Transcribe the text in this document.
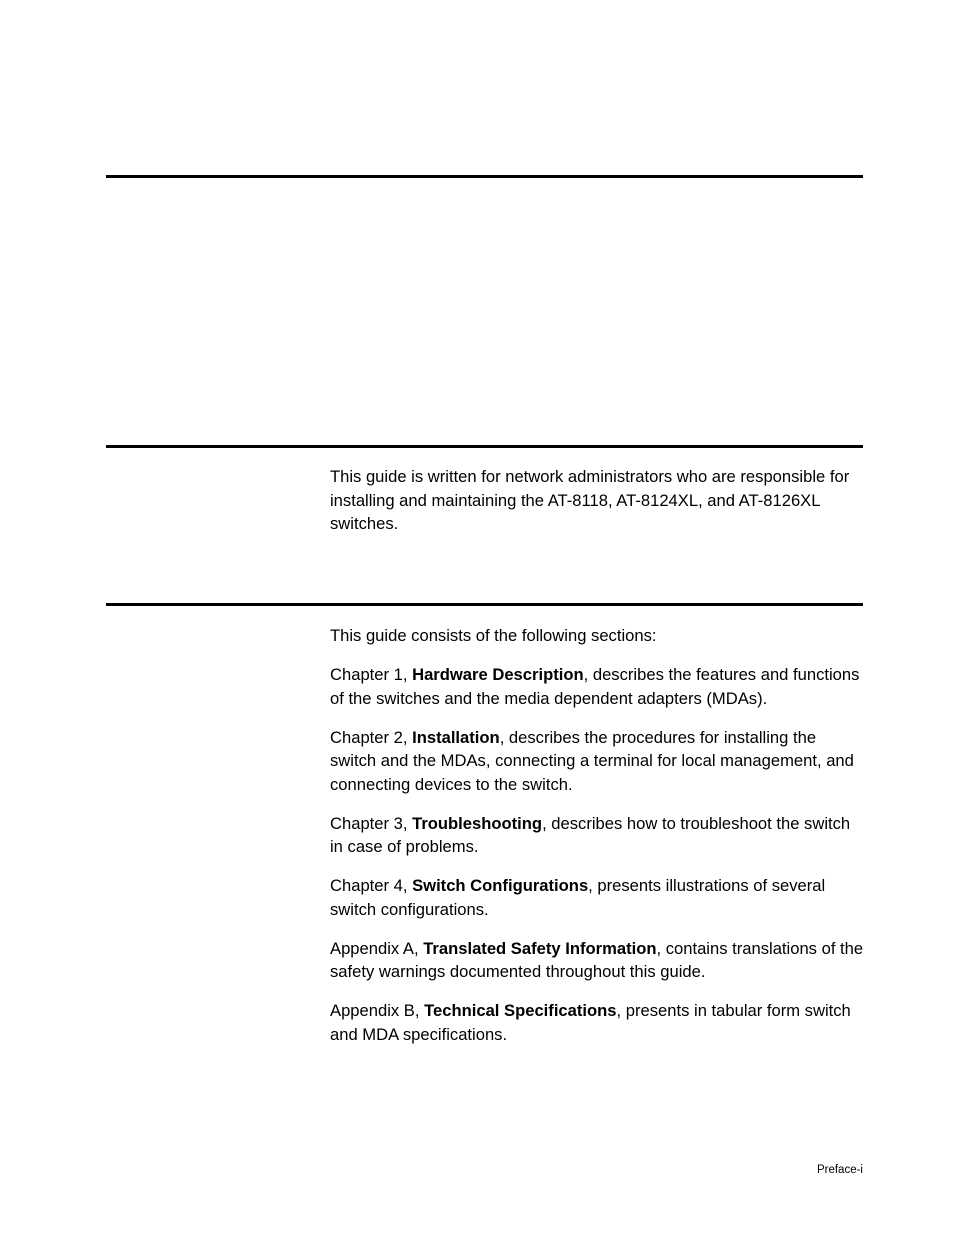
This guide is written for network administrators who are responsible for installing and maintaining the AT-8118, AT-8124XL, and AT-8126XL switches.

This guide consists of the following sections:

Chapter 1, Hardware Description, describes the features and functions of the switches and the media dependent adapters (MDAs).

Chapter 2, Installation, describes the procedures for installing the switch and the MDAs, connecting a terminal for local management, and connecting devices to the switch.

Chapter 3, Troubleshooting, describes how to troubleshoot the switch in case of problems.

Chapter 4, Switch Configurations, presents illustrations of several switch configurations.

Appendix A, Translated Safety Information, contains translations of the safety warnings documented throughout this guide.

Appendix B, Technical Specifications, presents in tabular form switch and MDA specifications.

Preface-i
